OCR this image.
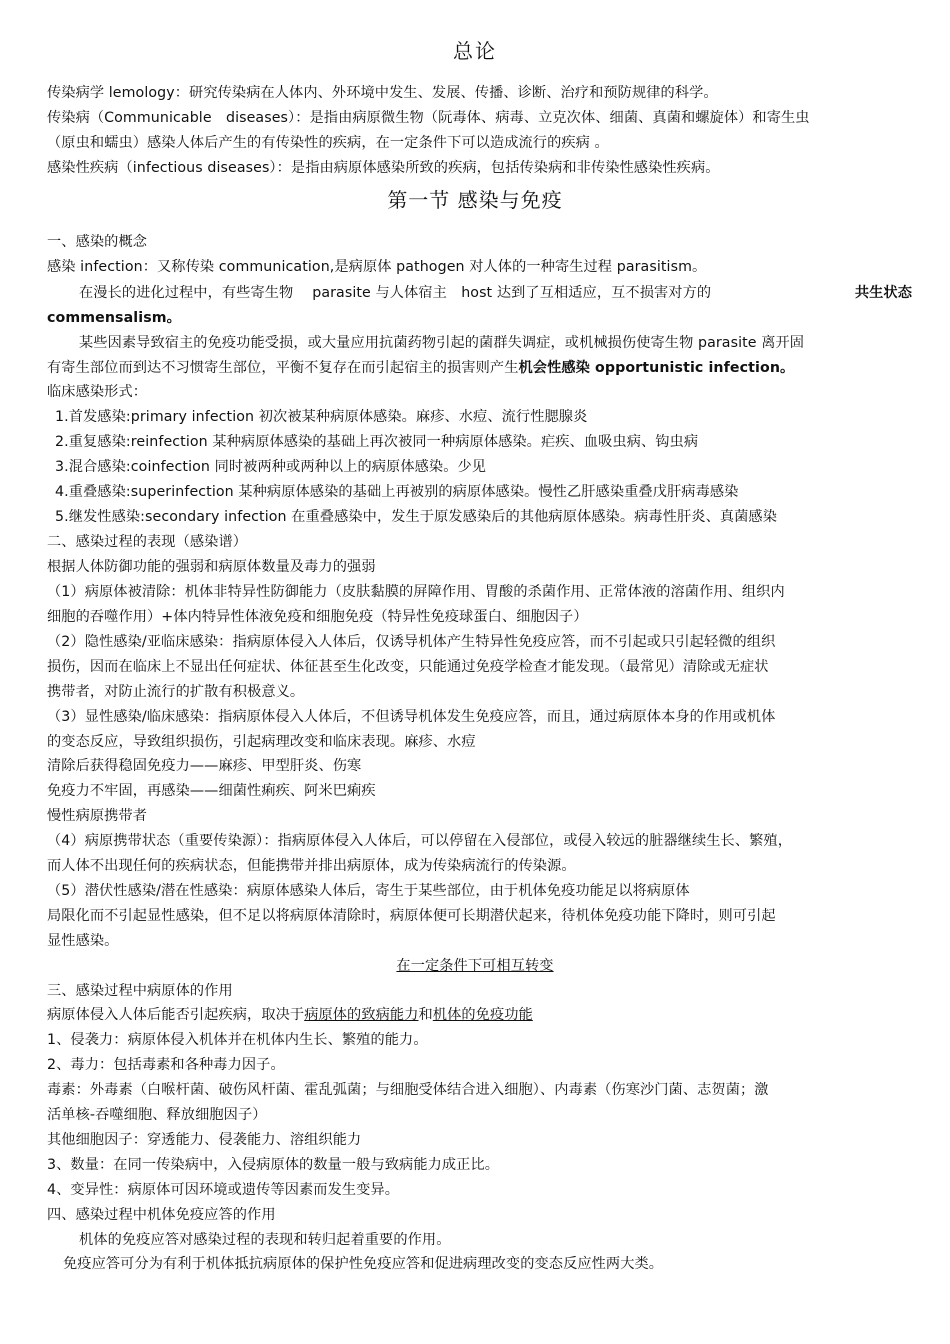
总论
传染病学 lemology：研究传染病在人体内、外环境中发生、发展、传播、诊断、治疗和预防规律的科学。
传染病（Communicable　diseases）：是指由病原微生物（阮毒体、病毒、立克次体、细菌、真菌和螺旋体）和寄生虫
（原虫和蠕虫）感染人体后产生的有传染性的疾病，在一定条件下可以造成流行的疾病 。
感染性疾病（infectious diseases）：是指由病原体感染所致的疾病，包括传染病和非传染性感染性疾病。
第一节 感染与免疫
一、感染的概念
感染 infection：又称传染 communication,是病原体 pathogen 对人体的一种寄生过程 parasitism。
在漫长的进化过程中，有些寄生物　 parasite 与人体宿主　host 达到了互相适应，互不损害对方的	共生状态
commensalism。
某些因素导致宿主的免疫功能受损，或大量应用抗菌药物引起的菌群失调症，或机械损伤使寄生物 parasite 离开固
有寄生部位而到达不习惯寄生部位，平衡不复存在而引起宿主的损害则产生机会性感染 opportunistic infection。
临床感染形式：
1.首发感染:primary infection 初次被某种病原体感染。麻疹、水痘、流行性腮腺炎
2.重复感染:reinfection 某种病原体感染的基础上再次被同一种病原体感染。疟疾、血吸虫病、钩虫病
3.混合感染:coinfection 同时被两种或两种以上的病原体感染。少见
4.重叠感染:superinfection 某种病原体感染的基础上再被别的病原体感染。慢性乙肝感染重叠戊肝病毒感染
5.继发性感染:secondary infection 在重叠感染中，发生于原发感染后的其他病原体感染。病毒性肝炎、真菌感染
二、感染过程的表现（感染谱）
根据人体防御功能的强弱和病原体数量及毒力的强弱
（1）病原体被清除：机体非特异性防御能力（皮肤黏膜的屏障作用、胃酸的杀菌作用、正常体液的溶菌作用、组织内
细胞的吞噬作用）+体内特异性体液免疫和细胞免疫（特异性免疫球蛋白、细胞因子）
（2）隐性感染/亚临床感染：指病原体侵入人体后，仅诱导机体产生特异性免疫应答，而不引起或只引起轻微的组织
损伤，因而在临床上不显出任何症状、体征甚至生化改变，只能通过免疫学检查才能发现。（最常见）清除或无症状
携带者，对防止流行的扩散有积极意义。
（3）显性感染/临床感染：指病原体侵入人体后，不但诱导机体发生免疫应答，而且，通过病原体本身的作用或机体
的变态反应，导致组织损伤，引起病理改变和临床表现。麻疹、水痘
清除后获得稳固免疫力——麻疹、甲型肝炎、伤寒
免疫力不牢固，再感染——细菌性痢疾、阿米巴痢疾
慢性病原携带者
（4）病原携带状态（重要传染源）：指病原体侵入人体后，可以停留在入侵部位，或侵入较远的脏器继续生长、繁殖，
而人体不出现任何的疾病状态，但能携带并排出病原体，成为传染病流行的传染源。
（5）潜伏性感染/潜在性感染：病原体感染人体后，寄生于某些部位，由于机体免疫功能足以将病原体
局限化而不引起显性感染，但不足以将病原体清除时，病原体便可长期潜伏起来，待机体免疫功能下降时，则可引起
显性感染。
在一定条件下可相互转变
三、感染过程中病原体的作用
病原体侵入人体后能否引起疾病，取决于病原体的致病能力和机体的免疫功能
1、侵袭力：病原体侵入机体并在机体内生长、繁殖的能力。
2、毒力：包括毒素和各种毒力因子。
毒素：外毒素（白喉杆菌、破伤风杆菌、霍乱弧菌；与细胞受体结合进入细胞）、内毒素（伤寒沙门菌、志贺菌；激
活单核-吞噬细胞、释放细胞因子）
其他细胞因子：穿透能力、侵袭能力、溶组织能力
3、数量：在同一传染病中，入侵病原体的数量一般与致病能力成正比。
4、变异性：病原体可因环境或遗传等因素而发生变异。
四、感染过程中机体免疫应答的作用
机体的免疫应答对感染过程的表现和转归起着重要的作用。
免疫应答可分为有利于机体抵抗病原体的保护性免疫应答和促进病理改变的变态反应性两大类。
